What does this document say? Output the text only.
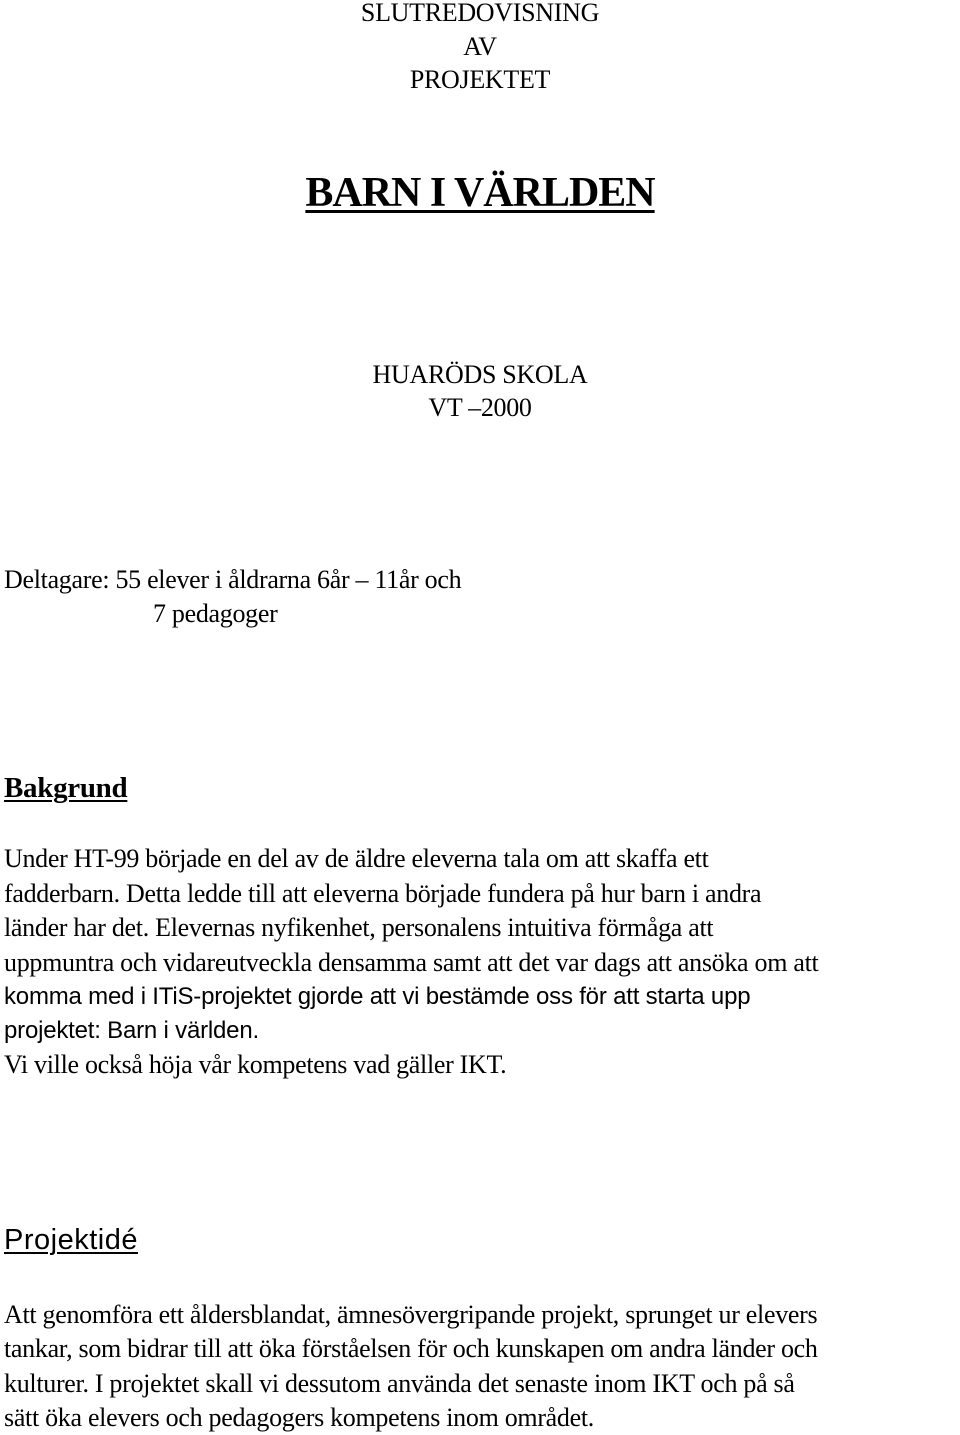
SLUTREDOVISNING
AV
PROJEKTET
BARN I VÄRLDEN
HUARÖDS SKOLA
VT –2000
Deltagare: 55 elever i åldrarna 6år – 11år och
7 pedagoger
Bakgrund
Under HT-99 började en del av de äldre eleverna tala om att skaffa ett
fadderbarn. Detta ledde till att eleverna började fundera på hur barn i andra
länder har det. Elevernas nyfikenhet, personalens intuitiva förmåga att
uppmuntra och vidareutveckla densamma samt att det var dags att ansöka om att
komma med i ITiS-projektet gjorde att vi bestämde oss för att starta upp
projektet: Barn i världen.
Vi ville också höja vår kompetens vad gäller IKT.
Projektidé
Att genomföra ett åldersblandat, ämnesövergripande projekt, sprunget ur elevers
tankar, som bidrar till att öka förståelsen för och kunskapen om andra länder och
kulturer. I projektet skall vi dessutom använda det senaste inom IKT och på så
sätt öka elevers och pedagogers kompetens inom området.
